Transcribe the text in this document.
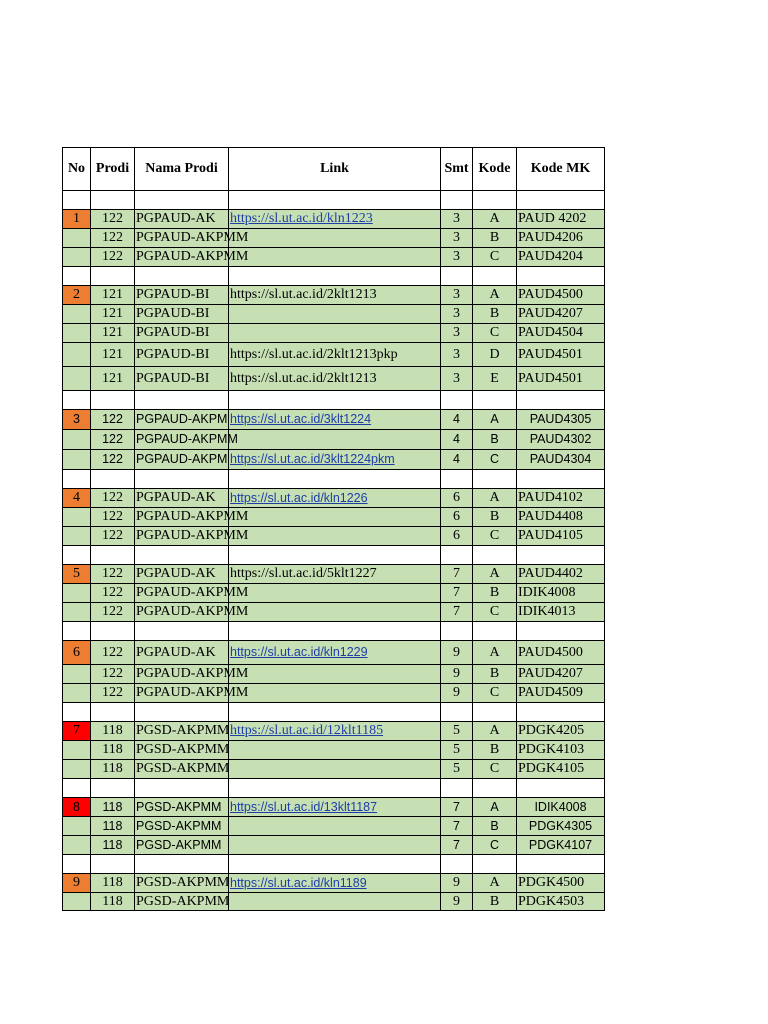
No Prodi	Nama Prodi	Link	Smt Kode	Kode MK
1	122 PGPAUD-AK	https://sl.ut.ac.id/kln1223	3	A	PAUD 4202
122 PGPAUD-AKPMM	3	B	PAUD4206
122 PGPAUD-AKPMM	3	C	PAUD4204
2	121 PGPAUD-BI	https://sl.ut.ac.id/2klt1213	3	A	PAUD4500
121 PGPAUD-BI	3	B	PAUD4207
121 PGPAUD-BI	3	C	PAUD4504
121 PGPAUD-BI	https://sl.ut.ac.id/2klt1213pkp	3	D	PAUD4501
121 PGPAUD-BI	https://sl.ut.ac.id/2klt1213	3	E	PAUD4501
3	122	PGPAUD-AKPM https://sl.ut.ac.id/3klt1224	4	A	PAUD4305
122	PGPAUD-AKPMM	4	B	PAUD4302
122	PGPAUD-AKPM https://sl.ut.ac.id/3klt1224pkm	4	C	PAUD4304
4	122 PGPAUD-AK	https://sl.ut.ac.id/kln1226	6	A	PAUD4102
122 PGPAUD-AKPMM	6	B	PAUD4408
122 PGPAUD-AKPMM	6	C	PAUD4105
5	122 PGPAUD-AK	https://sl.ut.ac.id/5klt1227	7	A	PAUD4402
122 PGPAUD-AKPMM	7	B	IDIK4008
122 PGPAUD-AKPMM	7	C	IDIK4013
6	122 PGPAUD-AK	https://sl.ut.ac.id/kln1229	9	A	PAUD4500
122 PGPAUD-AKPMM	9	B	PAUD4207
122 PGPAUD-AKPMM	9	C	PAUD4509
7	118 PGSD-AKPMM https://sl.ut.ac.id/12klt1185	5	A	PDGK4205
118 PGSD-AKPMM	5	B	PDGK4103
118 PGSD-AKPMM	5	C	PDGK4105
8	118	PGSD-AKPMM https://sl.ut.ac.id/13klt1187	7	A	IDIK4008
118	PGSD-AKPMM	7	B	PDGK4305
118	PGSD-AKPMM	7	C	PDGK4107
9	118 PGSD-AKPMM https://sl.ut.ac.id/kln1189	9	A	PDGK4500
118 PGSD-AKPMM	9	B	PDGK4503
